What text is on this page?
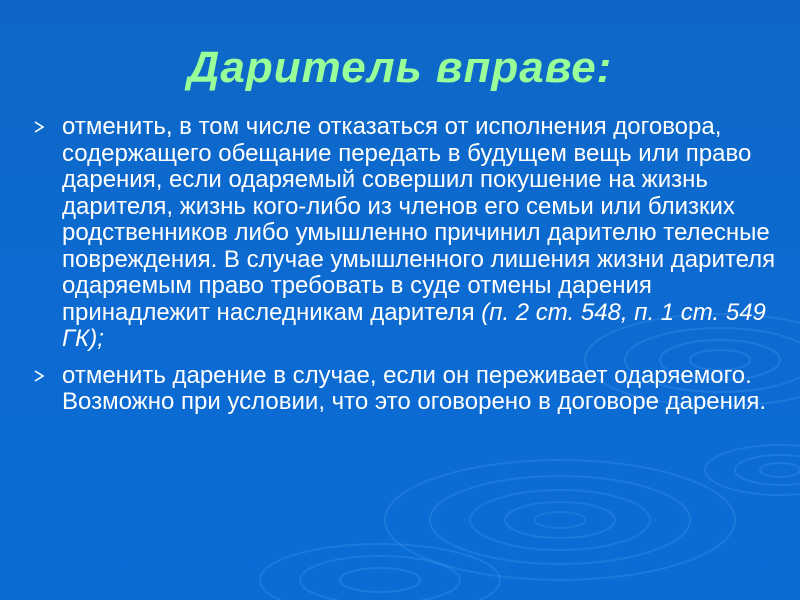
Даритель вправе:
отменить, в том числе отказаться от исполнения договора, содержащего обещание передать в будущем вещь или право дарения, если одаряемый совершил покушение на жизнь дарителя, жизнь кого-либо из членов его семьи или близких родственников либо умышленно причинил дарителю телесные повреждения. В случае умышленного лишения жизни дарителя одаряемым право требовать в суде отмены дарения принадлежит наследникам дарителя (п. 2 ст. 548, п. 1 ст. 549 ГК);
отменить дарение в случае, если он переживает одаряемого. Возможно при условии, что это оговорено в договоре дарения.
